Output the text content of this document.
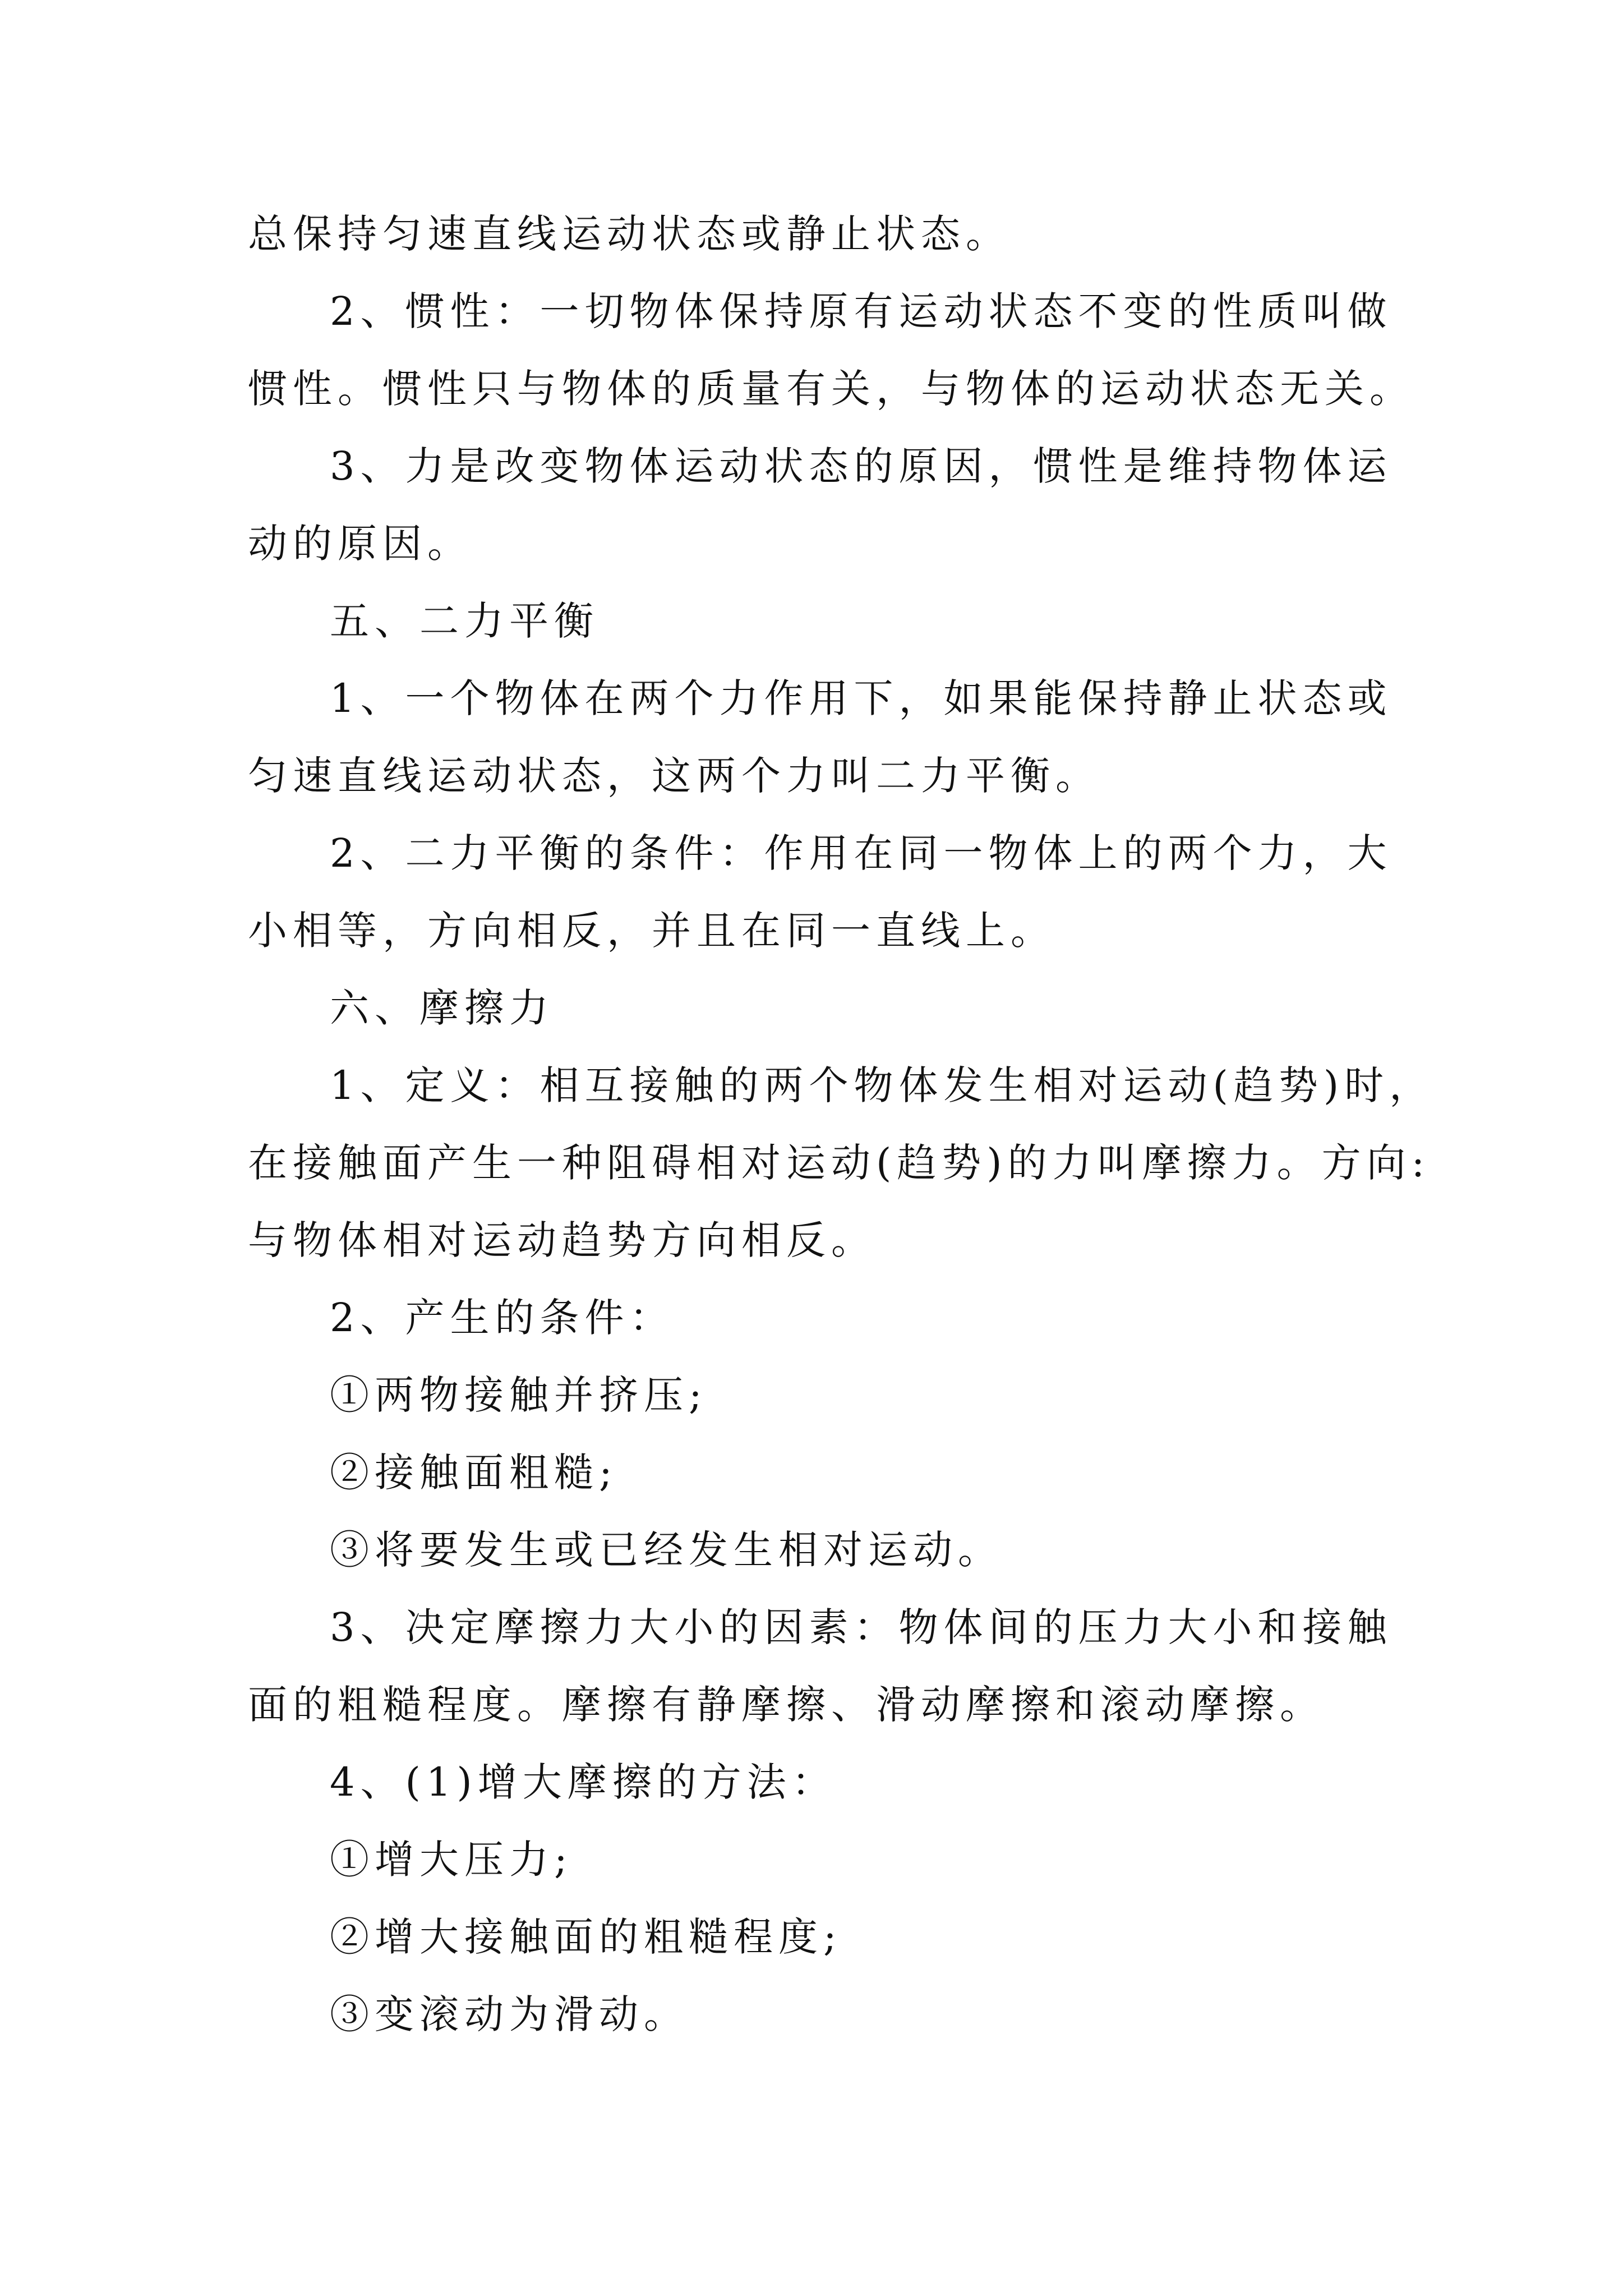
总保持匀速直线运动状态或静止状态。
2、惯性：一切物体保持原有运动状态不变的性质叫做
惯性。惯性只与物体的质量有关，与物体的运动状态无关。
3、力是改变物体运动状态的原因，惯性是维持物体运
动的原因。
五、二力平衡
1、一个物体在两个力作用下，如果能保持静止状态或
匀速直线运动状态，这两个力叫二力平衡。
2、二力平衡的条件：作用在同一物体上的两个力，大
小相等，方向相反，并且在同一直线上。
六、摩擦力
1、定义：相互接触的两个物体发生相对运动(趋势)时，
在接触面产生一种阻碍相对运动(趋势)的力叫摩擦力。方向:
与物体相对运动趋势方向相反。
2、产生的条件：
①两物接触并挤压;
②接触面粗糙;
③将要发生或已经发生相对运动。
3、决定摩擦力大小的因素：物体间的压力大小和接触
面的粗糙程度。摩擦有静摩擦、滑动摩擦和滚动摩擦。
4、(1)增大摩擦的方法：
①增大压力;
②增大接触面的粗糙程度;
③变滚动为滑动。
